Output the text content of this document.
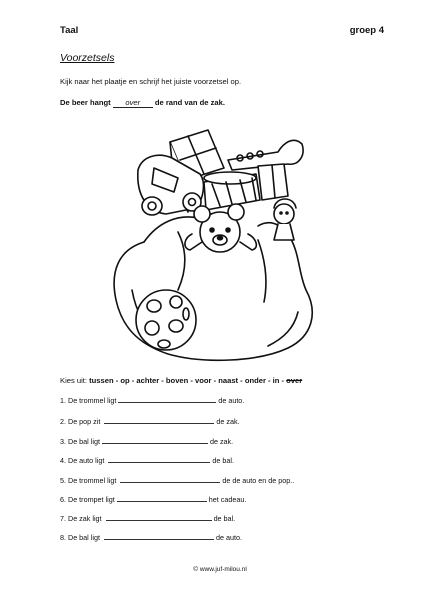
Taal	groep 4
Voorzetsels
Kijk naar het plaatje en schrijf het juiste voorzetsel op.
De beer hangt over de rand van de zak.
Kies uit: tussen - op - achter - boven - voor - naast - onder - in - over
1. De trommel ligt	de auto.
2. De pop zit	de zak.
3. De bal ligt	de zak.
4. De auto ligt	de bal.
5. De trommel ligt	de de auto en de pop..
6. De trompet ligt	het cadeau.
7. De zak ligt	de bal.
8. De bal ligt	de auto.
© www.juf-milou.nl
